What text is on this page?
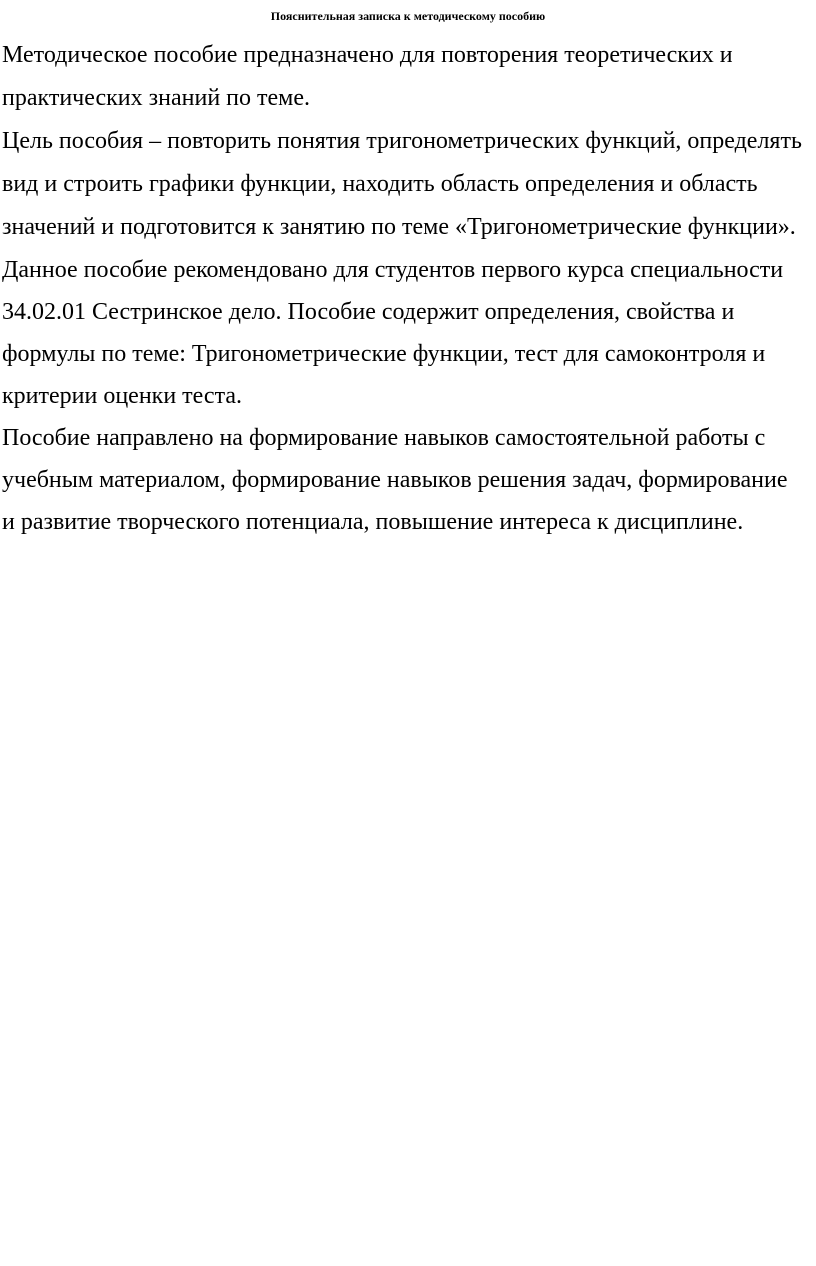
Пояснительная записка к методическому пособию

Методическое пособие предназначено для повторения теоретических и

практических знаний по теме.

Цель пособия – повторить понятия тригонометрических функций, определять

вид и строить графики функции, находить область определения и область

значений и подготовится к занятию по теме «Тригонометрические функции».

Данное пособие рекомендовано для студентов первого курса специальности

34.02.01 Сестринское дело. Пособие содержит определения, свойства и

формулы по теме: Тригонометрические функции, тест для самоконтроля и

критерии оценки теста.

Пособие направлено на формирование навыков самостоятельной работы с

учебным материалом, формирование навыков решения задач, формирование

и развитие творческого потенциала, повышение интереса к дисциплине.
